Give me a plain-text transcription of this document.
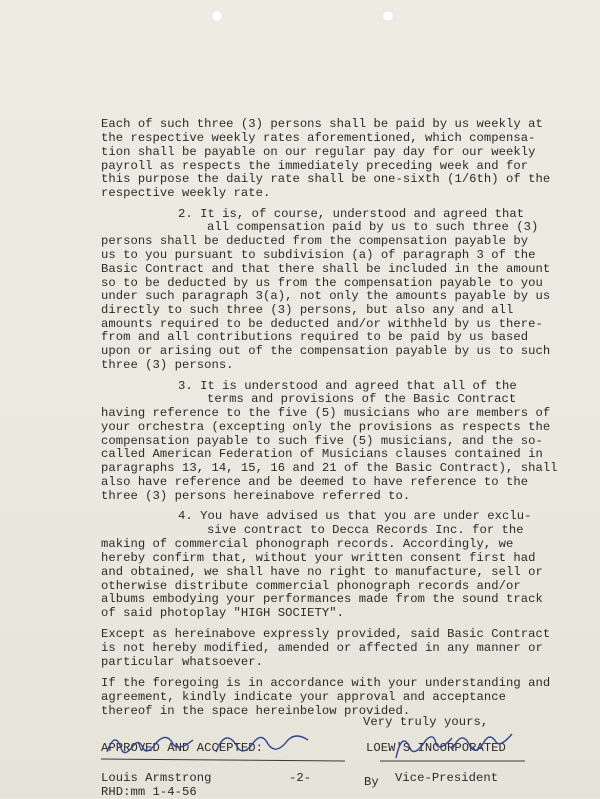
Each of such three (3) persons shall be paid by us weekly at
the respective weekly rates aforementioned, which compensa-
tion shall be payable on our regular pay day for our weekly
payroll as respects the immediately preceding week and for
this purpose the daily rate shall be one-sixth (1/6th) of the
respective weekly rate.
2. It is, of course, understood and agreed that
all compensation paid by us to such three (3)
persons shall be deducted from the compensation payable by
us to you pursuant to subdivision (a) of paragraph 3 of the
Basic Contract and that there shall be included in the amount
so to be deducted by us from the compensation payable to you
under such paragraph 3(a), not only the amounts payable by us
directly to such three (3) persons, but also any and all
amounts required to be deducted and/or withheld by us there-
from and all contributions required to be paid by us based
upon or arising out of the compensation payable by us to such
three (3) persons.
3. It is understood and agreed that all of the
terms and provisions of the Basic Contract
having reference to the five (5) musicians who are members of
your orchestra (excepting only the provisions as respects the
compensation payable to such five (5) musicians, and the so-
called American Federation of Musicians clauses contained in
paragraphs 13, 14, 15, 16 and 21 of the Basic Contract), shall
also have reference and be deemed to have reference to the
three (3) persons hereinabove referred to.
4. You have advised us that you are under exclu-
sive contract to Decca Records Inc. for the
making of commercial phonograph records. Accordingly, we
hereby confirm that, without your written consent first had
and obtained, we shall have no right to manufacture, sell or
otherwise distribute commercial phonograph records and/or
albums embodying your performances made from the sound track
of said photoplay "HIGH SOCIETY".
Except as hereinabove expressly provided, said Basic Contract
is not hereby modified, amended or affected in any manner or
particular whatsoever.
If the foregoing is in accordance with your understanding and
agreement, kindly indicate your approval and acceptance
thereof in the space hereinbelow provided.
Very truly yours,
APPROVED AND ACCEPTED:	LOEW'S INCORPORATED
By
Louis Armstrong	-2-	Vice-President
RHD:mm 1-4-56
